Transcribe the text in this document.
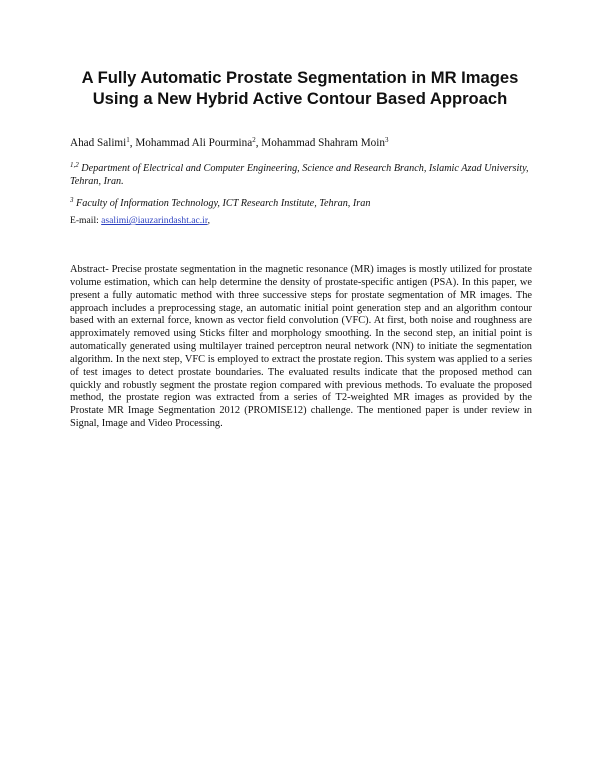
A Fully Automatic Prostate Segmentation in MR Images Using a New Hybrid Active Contour Based Approach
Ahad Salimi$^1$, Mohammad Ali Pourmina$^2$, Mohammad Shahram Moin$^3$
$^{1,2}$ Department of Electrical and Computer Engineering, Science and Research Branch, Islamic Azad University, Tehran, Iran.
$^3$ Faculty of Information Technology, ICT Research Institute, Tehran, Iran
E-mail: asalimi@iauzarindasht.ac.ir,

Abstract- Precise prostate segmentation in the magnetic resonance (MR) images is mostly utilized for prostate volume estimation, which can help determine the density of prostate-specific antigen (PSA). In this paper, we present a fully automatic method with three successive steps for prostate segmentation of MR images. The approach includes a preprocessing stage, an automatic initial point generation step and an algorithm contour based with an external force, known as vector field convolution (VFC). At first, both noise and roughness are approximately removed using Sticks filter and morphology smoothing. In the second step, an initial point is automatically generated using multilayer trained perceptron neural network (NN) to initiate the segmentation algorithm. In the next step, VFC is employed to extract the prostate region. This system was applied to a series of test images to detect prostate boundaries. The evaluated results indicate that the proposed method can quickly and robustly segment the prostate region compared with previous methods. To evaluate the proposed method, the prostate region was extracted from a series of T2-weighted MR images as provided by the Prostate MR Image Segmentation 2012 (PROMISE12) challenge. The mentioned paper is under review in Signal, Image and Video Processing.
